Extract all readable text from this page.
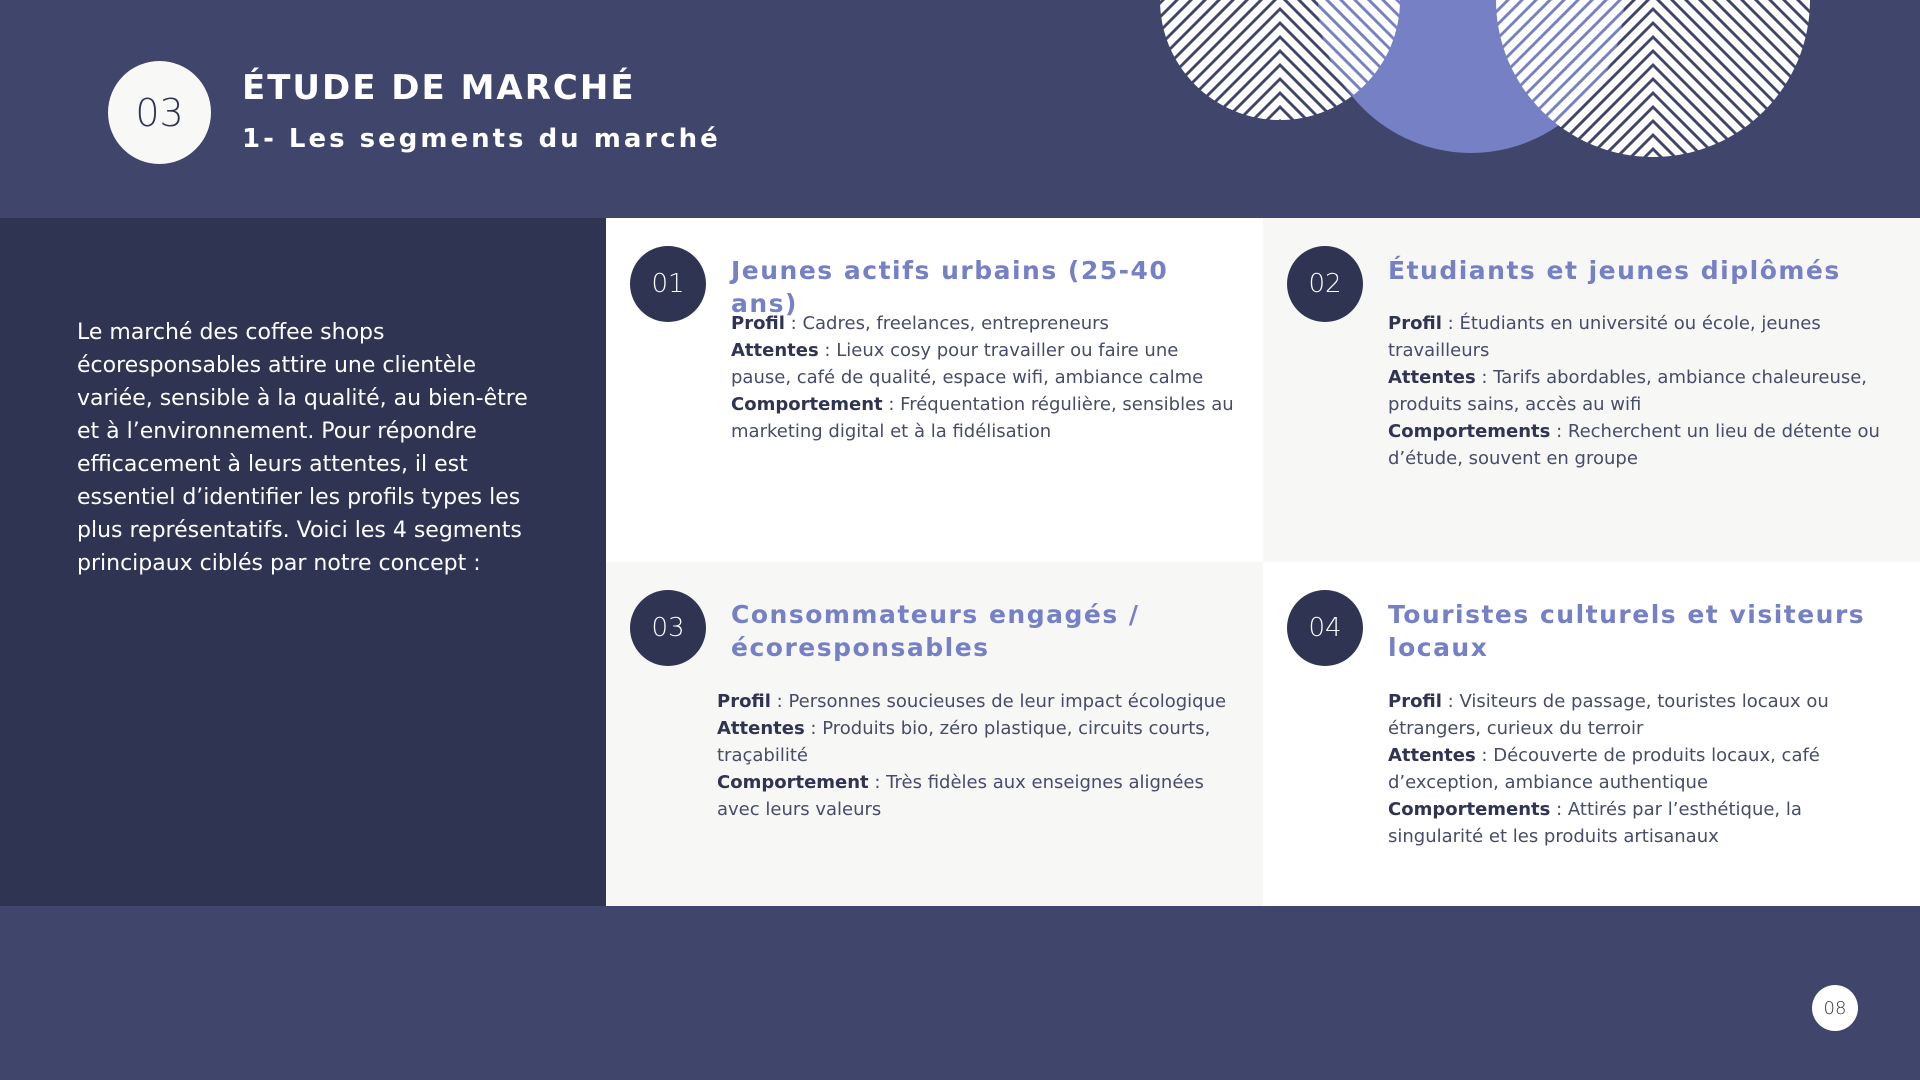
03
ÉTUDE DE MARCHÉ
1- Les segments du marché

Le marché des coffee shops écoresponsables attire une clientèle variée, sensible à la qualité, au bien-être et à l’environnement. Pour répondre efficacement à leurs attentes, il est essentiel d’identifier les profils types les plus représentatifs. Voici les 4 segments principaux ciblés par notre concept :

01	Jeunes actifs urbains (25-40 ans)

Profil : Cadres, freelances, entrepreneurs
Attentes : Lieux cosy pour travailler ou faire une pause, café de qualité, espace wifi, ambiance calme
Comportement : Fréquentation régulière, sensibles au marketing digital et à la fidélisation

02	Étudiants et jeunes diplômés

Profil : Étudiants en université ou école, jeunes travailleurs
Attentes : Tarifs abordables, ambiance chaleureuse, produits sains, accès au wifi
Comportements : Recherchent un lieu de détente ou d’étude, souvent en groupe

03	Consommateurs engagés / écoresponsables

Profil : Personnes soucieuses de leur impact écologique
Attentes : Produits bio, zéro plastique, circuits courts, traçabilité
Comportement : Très fidèles aux enseignes alignées avec leurs valeurs

04	Touristes culturels et visiteurs locaux

Profil : Visiteurs de passage, touristes locaux ou étrangers, curieux du terroir
Attentes : Découverte de produits locaux, café d’exception, ambiance authentique
Comportements : Attirés par l’esthétique, la singularité et les produits artisanaux

08
